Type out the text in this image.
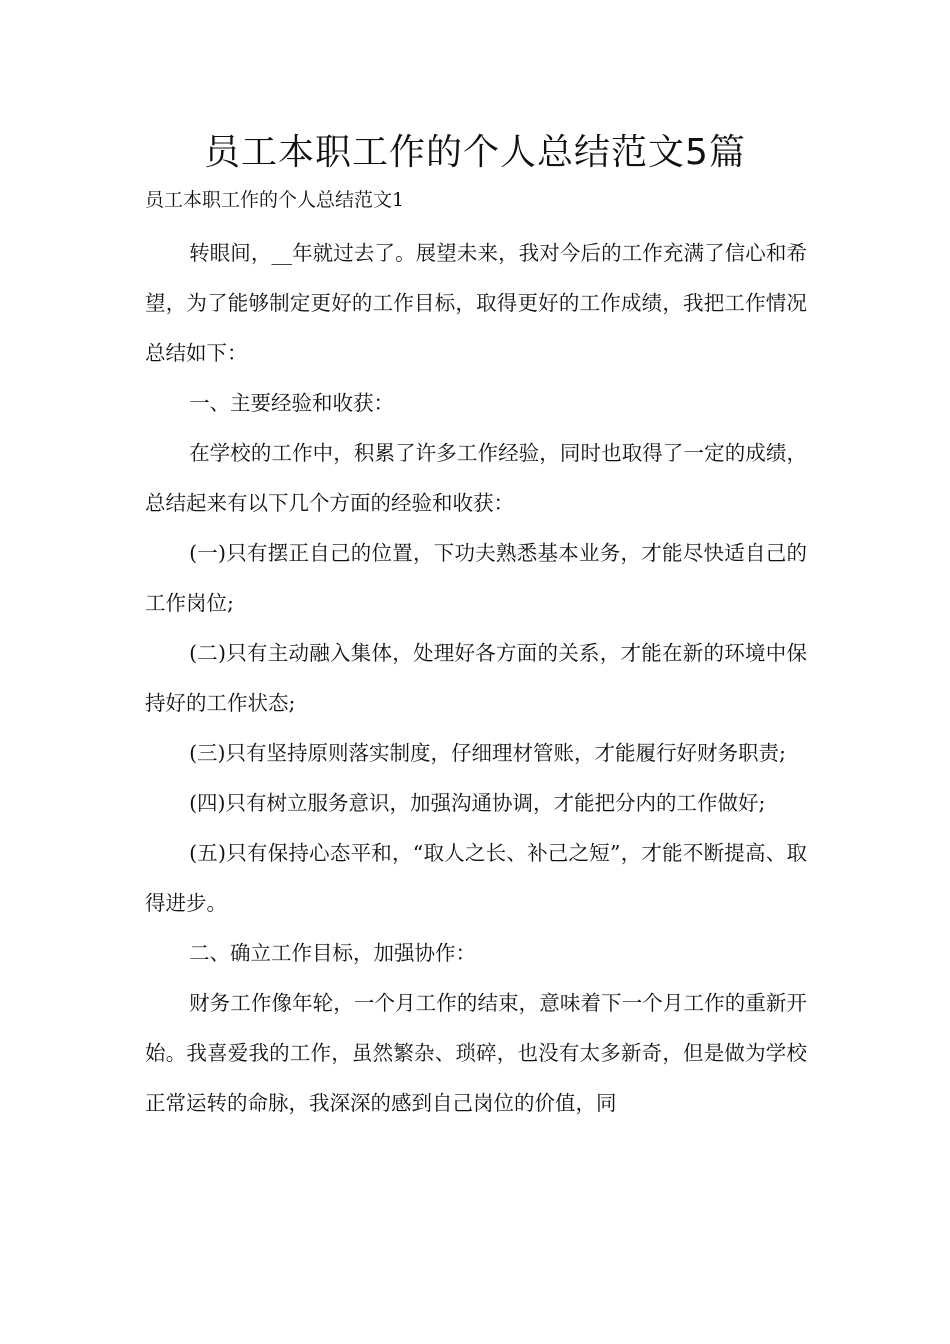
员工本职工作的个人总结范文5篇
员工本职工作的个人总结范文1

转眼间，__年就过去了。展望未来，我对今后的工作充满了信心和希望，为了能够制定更好的工作目标，取得更好的工作成绩，我把工作情况总结如下：

一、主要经验和收获：

在学校的工作中，积累了许多工作经验，同时也取得了一定的成绩，总结起来有以下几个方面的经验和收获：

(一)只有摆正自己的位置，下功夫熟悉基本业务，才能尽快适自己的工作岗位;

(二)只有主动融入集体，处理好各方面的关系，才能在新的环境中保持好的工作状态;

(三)只有坚持原则落实制度，仔细理材管账，才能履行好财务职责;

(四)只有树立服务意识，加强沟通协调，才能把分内的工作做好;

(五)只有保持心态平和，“取人之长、补己之短”，才能不断提高、取得进步。

二、确立工作目标，加强协作：

财务工作像年轮，一个月工作的结束，意味着下一个月工作的重新开始。我喜爱我的工作，虽然繁杂、琐碎，也没有太多新奇，但是做为学校正常运转的命脉，我深深的感到自己岗位的价值，同
